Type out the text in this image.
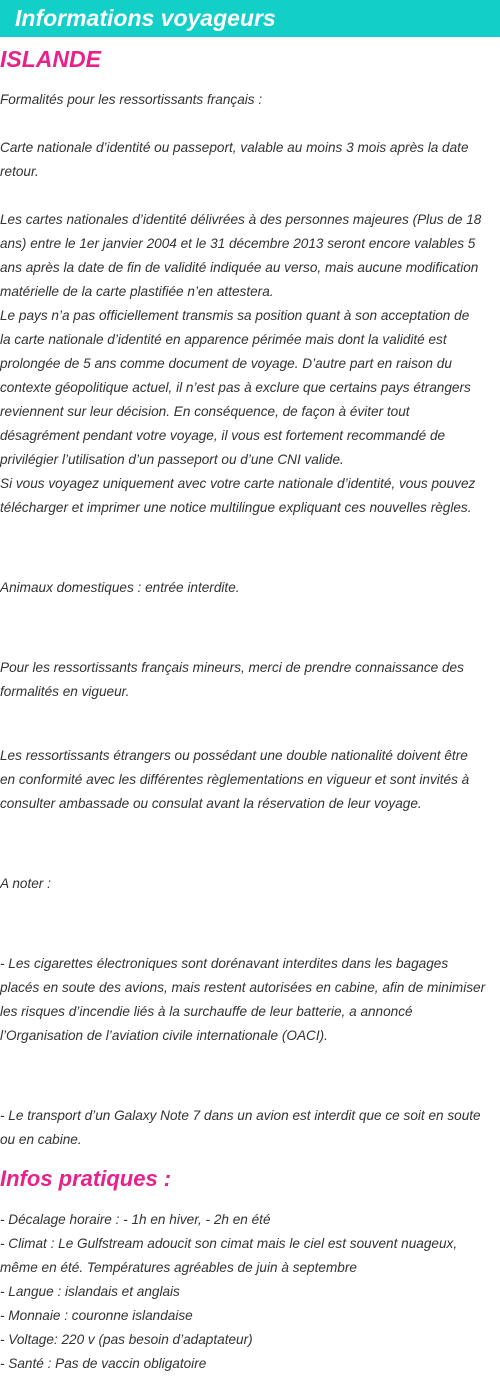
Informations voyageurs
ISLANDE
Formalités pour les ressortissants français :
Carte nationale d’identité ou passeport, valable au moins 3 mois après la date
retour.
Les cartes nationales d’identité délivrées à des personnes majeures (Plus de 18
ans) entre le 1er janvier 2004 et le 31 décembre 2013 seront encore valables 5
ans après la date de fin de validité indiquée au verso, mais aucune modification
matérielle de la carte plastifiée n’en attestera.
Le pays n’a pas officiellement transmis sa position quant à son acceptation de
la carte nationale d’identité en apparence périmée mais dont la validité est
prolongée de 5 ans comme document de voyage. D’autre part en raison du
contexte géopolitique actuel, il n’est pas à exclure que certains pays étrangers
reviennent sur leur décision. En conséquence, de façon à éviter tout
désagrément pendant votre voyage, il vous est fortement recommandé de
privilégier l’utilisation d’un passeport ou d’une CNI valide.
Si vous voyagez uniquement avec votre carte nationale d’identité, vous pouvez
télécharger et imprimer une notice multilingue expliquant ces nouvelles règles.
Animaux domestiques : entrée interdite.
Pour les ressortissants français mineurs, merci de prendre connaissance des
formalités en vigueur.
Les ressortissants étrangers ou possédant une double nationalité doivent être
en conformité avec les différentes règlementations en vigueur et sont invités à
consulter ambassade ou consulat avant la réservation de leur voyage.
A noter :
- Les cigarettes électroniques sont dorénavant interdites dans les bagages
placés en soute des avions, mais restent autorisées en cabine, afin de minimiser
les risques d’incendie liés à la surchauffe de leur batterie, a annoncé
l’Organisation de l’aviation civile internationale (OACI).
- Le transport d’un Galaxy Note 7 dans un avion est interdit que ce soit en soute
ou en cabine.
Infos pratiques :
- Décalage horaire : - 1h en hiver, - 2h en été
- Climat : Le Gulfstream adoucit son cimat mais le ciel est souvent nuageux,
même en été. Températures agréables de juin à septembre
- Langue : islandais et anglais
- Monnaie : couronne islandaise
- Voltage: 220 v (pas besoin d’adaptateur)
- Santé : Pas de vaccin obligatoire
